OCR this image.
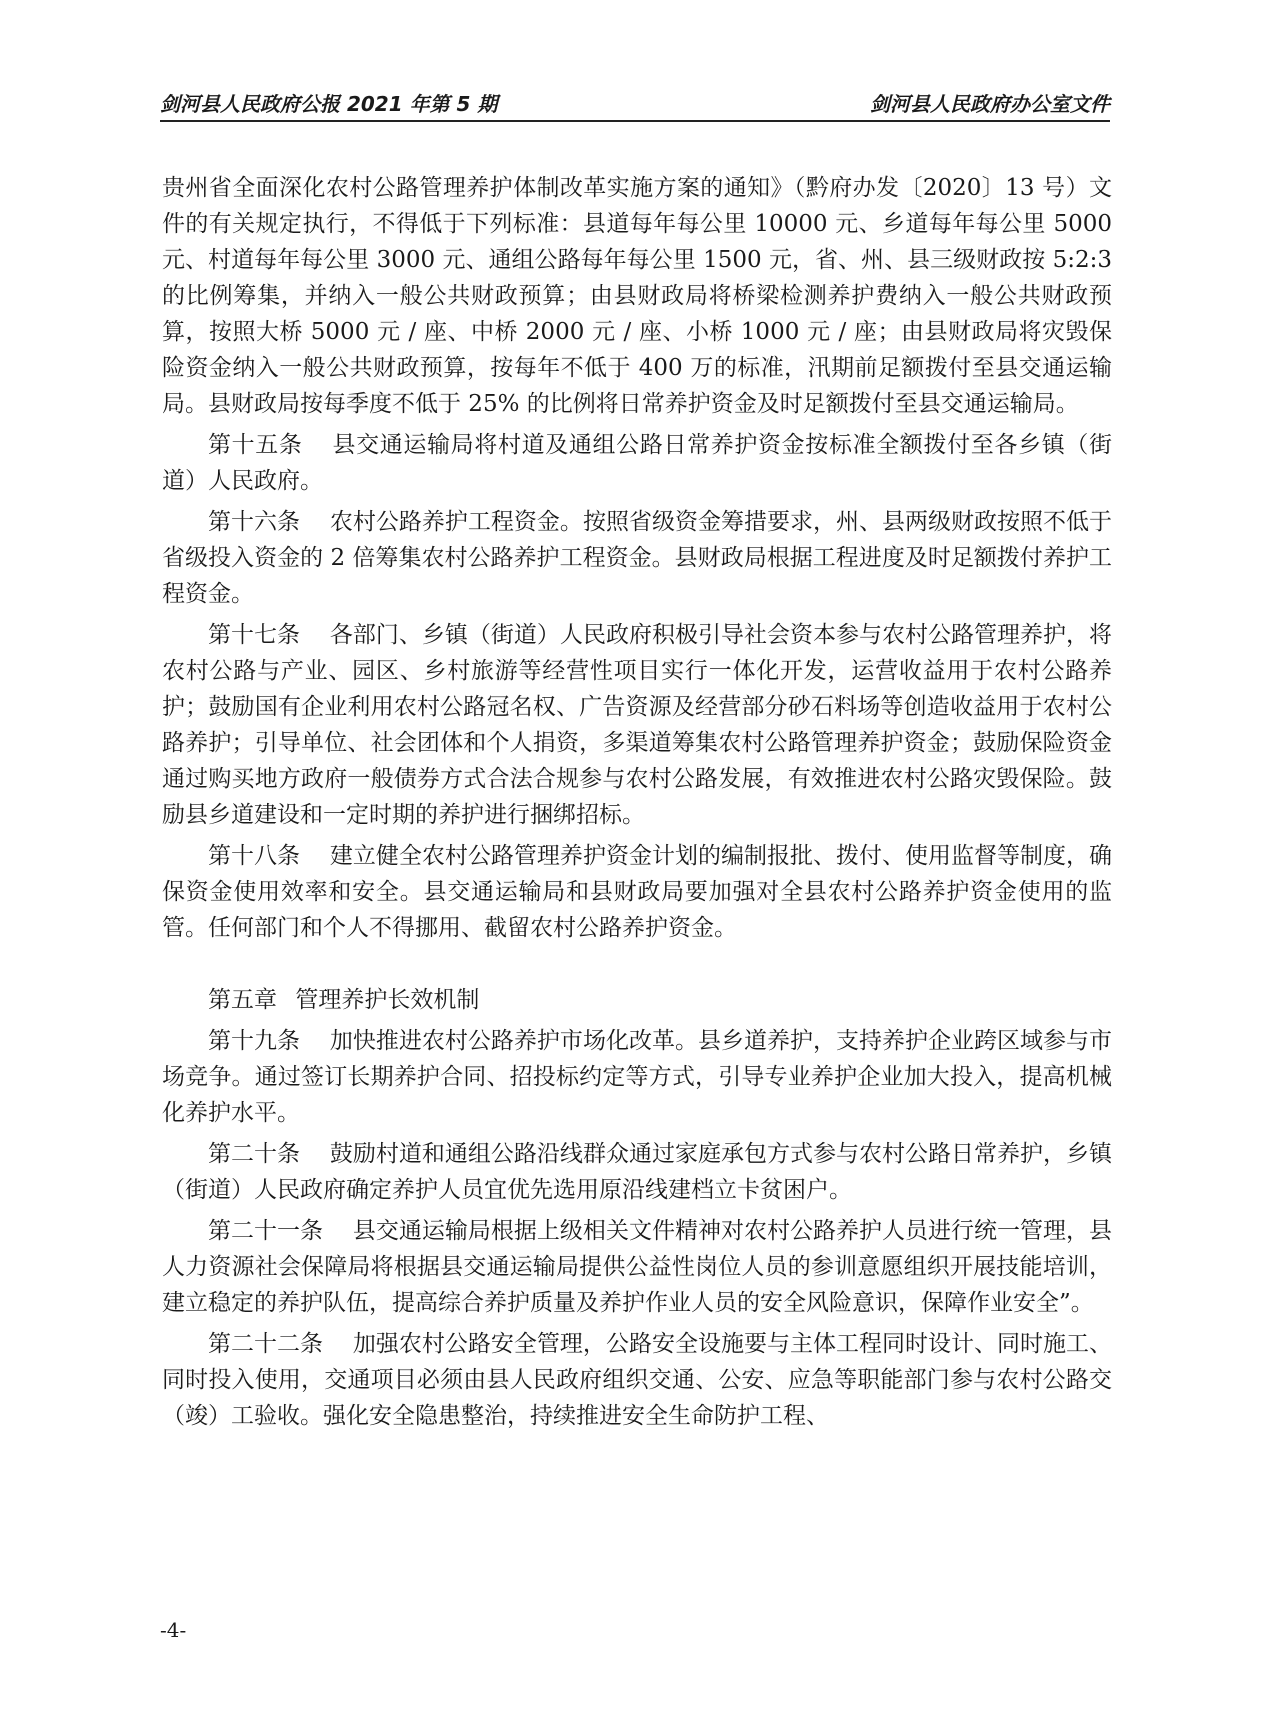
剑河县人民政府公报 2021 年第 5 期	剑河县人民政府办公室文件

贵州省全面深化农村公路管理养护体制改革实施方案的通知》（黔府办发〔2020〕13 号）文件的有关规定执行，不得低于下列标准：县道每年每公里 10000 元、乡道每年每公里 5000 元、村道每年每公里 3000 元、通组公路每年每公里 1500 元，省、州、县三级财政按 5:2:3 的比例筹集，并纳入一般公共财政预算；由县财政局将桥梁检测养护费纳入一般公共财政预算，按照大桥 5000 元 / 座、中桥 2000 元 / 座、小桥 1000 元 / 座；由县财政局将灾毁保险资金纳入一般公共财政预算，按每年不低于 400 万的标准，汛期前足额拨付至县交通运输局。县财政局按每季度不低于 25% 的比例将日常养护资金及时足额拨付至县交通运输局。

第十五条 县交通运输局将村道及通组公路日常养护资金按标准全额拨付至各乡镇（街道）人民政府。

第十六条 农村公路养护工程资金。按照省级资金筹措要求，州、县两级财政按照不低于省级投入资金的 2 倍筹集农村公路养护工程资金。县财政局根据工程进度及时足额拨付养护工程资金。

第十七条 各部门、乡镇（街道）人民政府积极引导社会资本参与农村公路管理养护，将农村公路与产业、园区、乡村旅游等经营性项目实行一体化开发，运营收益用于农村公路养护；鼓励国有企业利用农村公路冠名权、广告资源及经营部分砂石料场等创造收益用于农村公路养护；引导单位、社会团体和个人捐资，多渠道筹集农村公路管理养护资金；鼓励保险资金通过购买地方政府一般债券方式合法合规参与农村公路发展，有效推进农村公路灾毁保险。鼓励县乡道建设和一定时期的养护进行捆绑招标。

第十八条 建立健全农村公路管理养护资金计划的编制报批、拨付、使用监督等制度，确保资金使用效率和安全。县交通运输局和县财政局要加强对全县农村公路养护资金使用的监管。任何部门和个人不得挪用、截留农村公路养护资金。

第五章 管理养护长效机制

第十九条 加快推进农村公路养护市场化改革。县乡道养护，支持养护企业跨区域参与市场竞争。通过签订长期养护合同、招投标约定等方式，引导专业养护企业加大投入，提高机械化养护水平。

第二十条 鼓励村道和通组公路沿线群众通过家庭承包方式参与农村公路日常养护，乡镇（街道）人民政府确定养护人员宜优先选用原沿线建档立卡贫困户。

第二十一条 县交通运输局根据上级相关文件精神对农村公路养护人员进行统一管理，县人力资源社会保障局将根据县交通运输局提供公益性岗位人员的参训意愿组织开展技能培训，建立稳定的养护队伍，提高综合养护质量及养护作业人员的安全风险意识，保障作业安全”。

第二十二条 加强农村公路安全管理，公路安全设施要与主体工程同时设计、同时施工、同时投入使用，交通项目必须由县人民政府组织交通、公安、应急等职能部门参与农村公路交（竣）工验收。强化安全隐患整治，持续推进安全生命防护工程、

-4-
